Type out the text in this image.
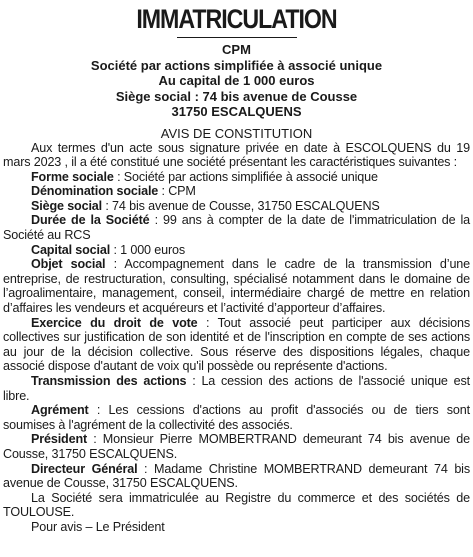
IMMATRICULATION
CPM
Société par actions simplifiée à associé unique
Au capital de 1 000 euros
Siège social : 74 bis avenue de Cousse
31750 ESCALQUENS
AVIS DE CONSTITUTION

Aux termes d'un acte sous signature privée en date à ESCOLQUENS du 19 mars 2023 , il a été constitué une société présentant les caractéristiques suivantes :

Forme sociale : Société par actions simplifiée à associé unique

Dénomination sociale : CPM

Siège social : 74 bis avenue de Cousse, 31750 ESCALQUENS

Durée de la Société : 99 ans à compter de la date de l'immatriculation de la Société au RCS

Capital social : 1 000 euros

Objet social : Accompagnement dans le cadre de la transmission d’une entreprise, de restructuration, consulting, spécialisé notamment dans le domaine de l’agroalimentaire, management, conseil, intermédiaire chargé de mettre en relation d’affaires les vendeurs et acquéreurs et l’activité d’apporteur d’affaires.

Exercice du droit de vote : Tout associé peut participer aux décisions collectives sur justification de son identité et de l'inscription en compte de ses actions au jour de la décision collective. Sous réserve des dispositions légales, chaque associé dispose d'autant de voix qu'il possède ou représente d'actions.

Transmission des actions : La cession des actions de l'associé unique est libre.

Agrément : Les cessions d'actions au profit d'associés ou de tiers sont soumises à l'agrément de la collectivité des associés.

Président : Monsieur Pierre MOMBERTRAND demeurant 74 bis avenue de Cousse, 31750 ESCALQUENS.

Directeur Général : Madame Christine MOMBERTRAND demeurant 74 bis avenue de Cousse, 31750 ESCALQUENS.

La Société sera immatriculée au Registre du commerce et des sociétés de TOULOUSE.

Pour avis – Le Président
